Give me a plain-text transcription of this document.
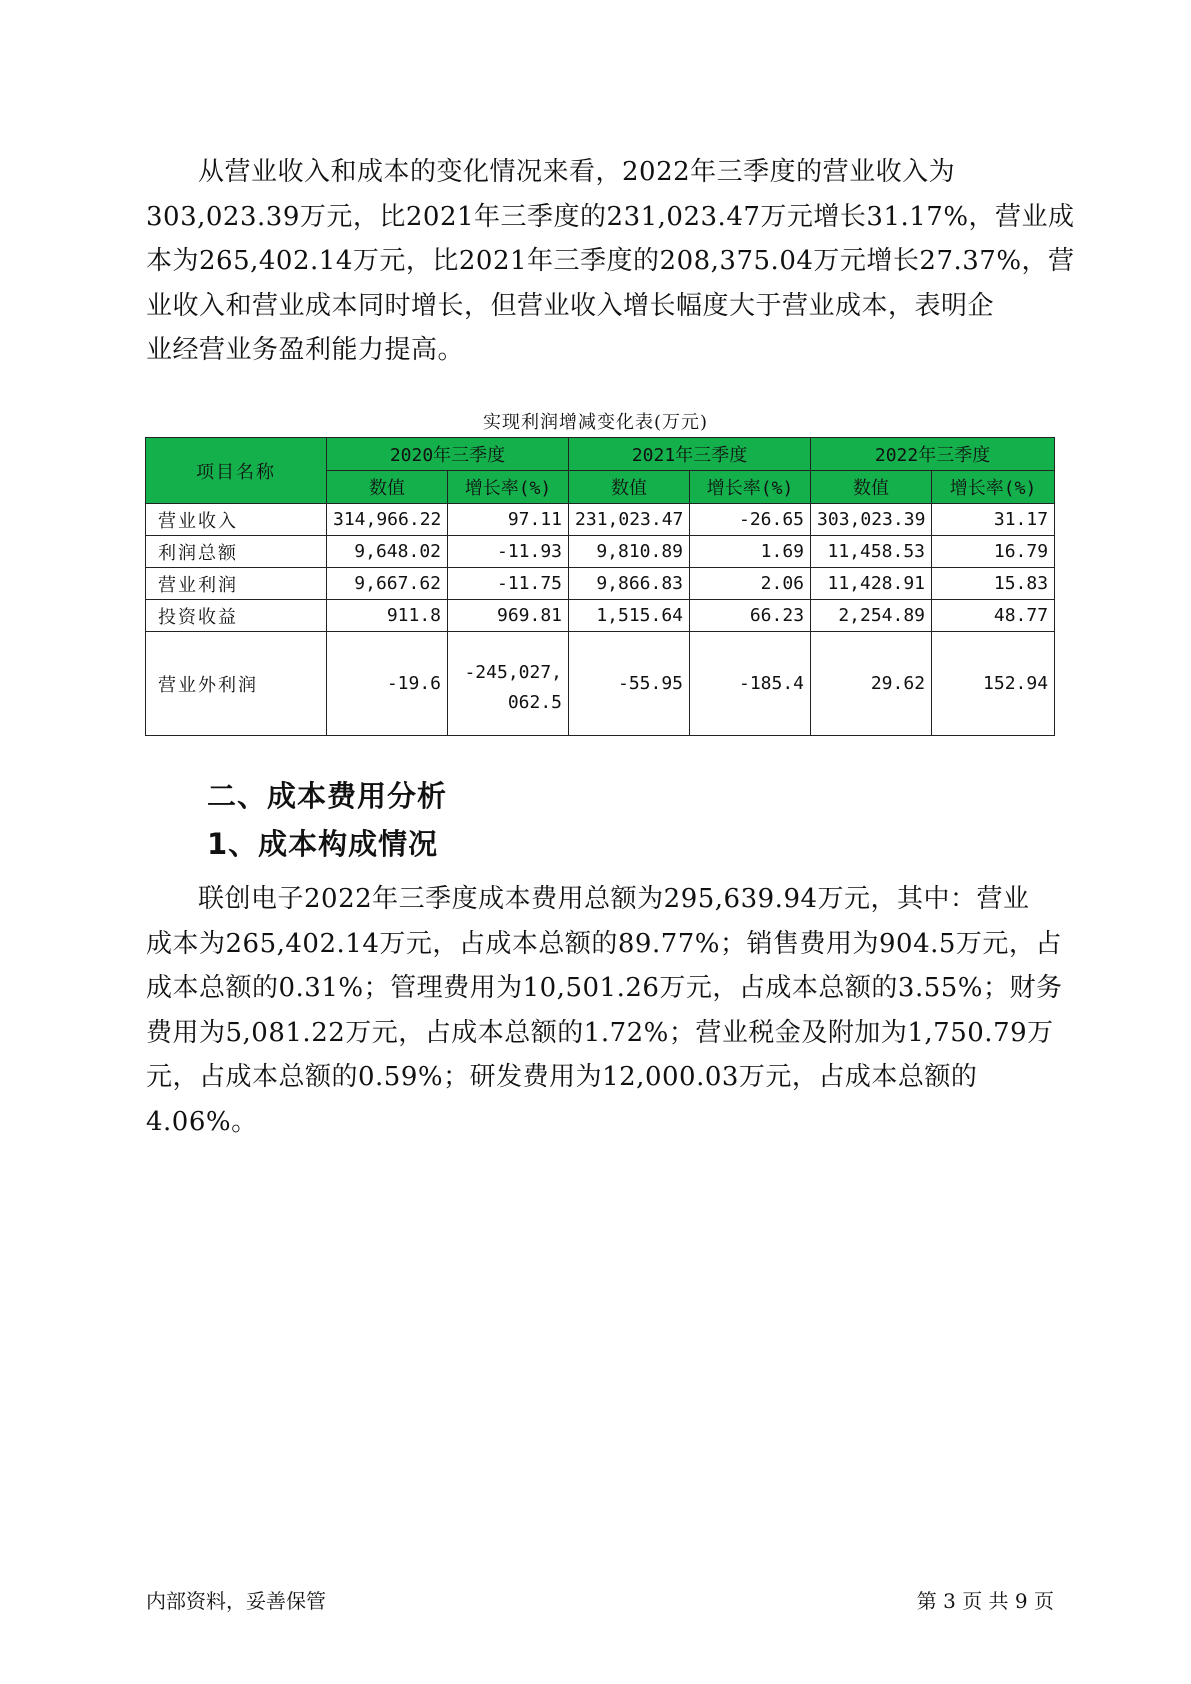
从营业收入和成本的变化情况来看，2022年三季度的营业收入为
303,023.39万元，比2021年三季度的231,023.47万元增长31.17%，营业成
本为265,402.14万元，比2021年三季度的208,375.04万元增长27.37%，营
业收入和营业成本同时增长，但营业收入增长幅度大于营业成本，表明企
业经营业务盈利能力提高。

实现利润增减变化表(万元)
项目名称	2020年三季度		2021年三季度		2022年三季度	
	数值	增长率(%)	数值	增长率(%)	数值	增长率(%)
营业收入	314,966.22	97.11	231,023.47	-26.65	303,023.39	31.17
利润总额	9,648.02	-11.93	9,810.89	1.69	11,458.53	16.79
营业利润	9,667.62	-11.75	9,866.83	2.06	11,428.91	15.83
投资收益	911.8	969.81	1,515.64	66.23	2,254.89	48.77
营业外利润	-19.6	-245,027,062.5	-55.95	-185.4	29.62	152.94
二、成本费用分析
1、成本构成情况

联创电子2022年三季度成本费用总额为295,639.94万元，其中：营业
成本为265,402.14万元，占成本总额的89.77%；销售费用为904.5万元，占
成本总额的0.31%；管理费用为10,501.26万元，占成本总额的3.55%；财务
费用为5,081.22万元，占成本总额的1.72%；营业税金及附加为1,750.79万
元，占成本总额的0.59%；研发费用为12,000.03万元，占成本总额的
4.06%。

内部资料，妥善保管	第 3 页 共 9 页
